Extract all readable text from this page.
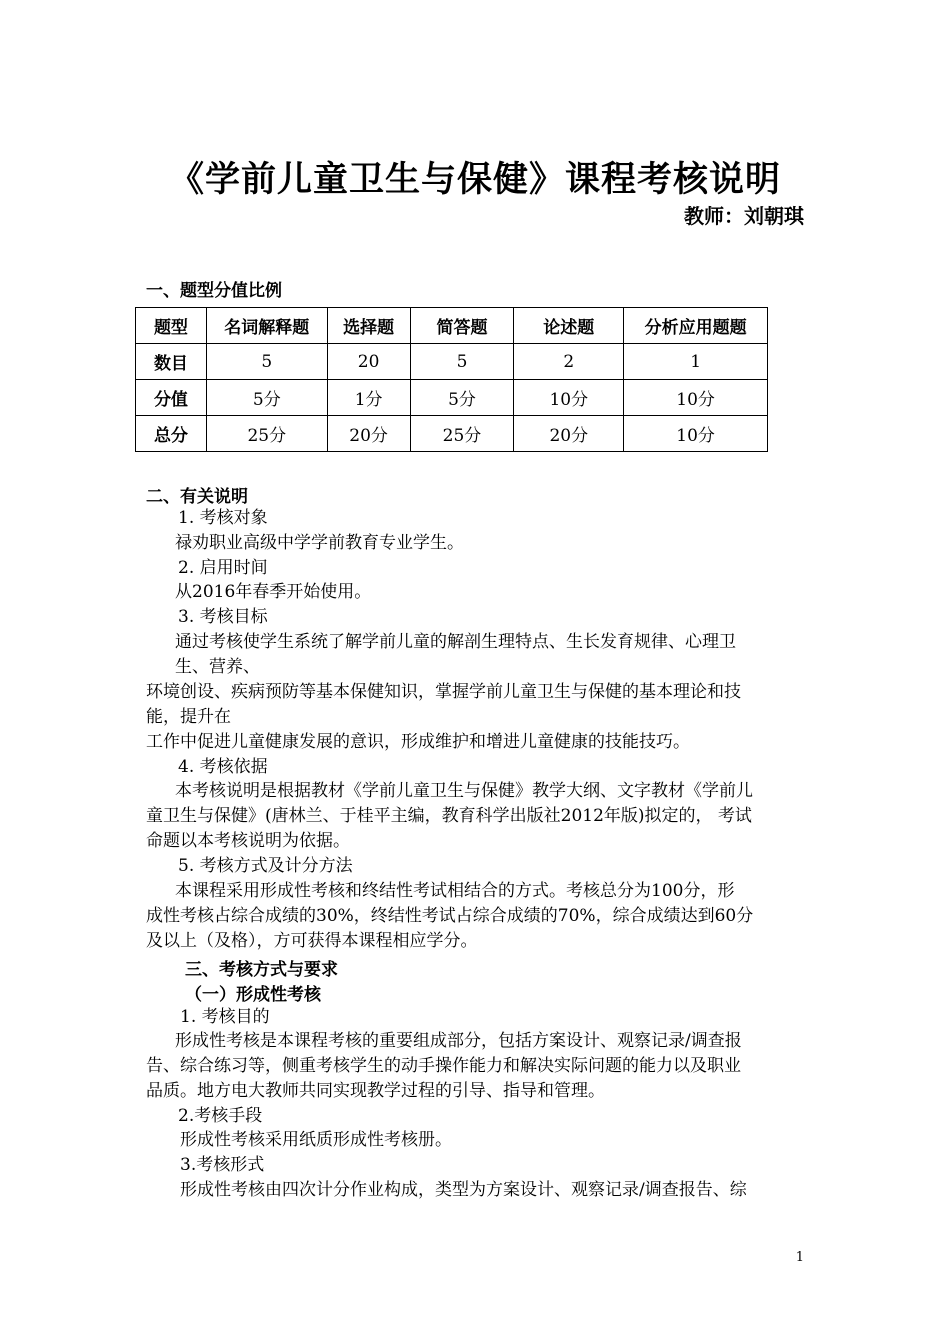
《学前儿童卫生与保健》课程考核说明
教师：刘朝琪
一、题型分值比例
题型	名词解释题	选择题	简答题	论述题	分析应用题题
数目	5	20	5	2	1
分值	5分	1分	5分	10分	10分
总分	25分	20分	25分	20分	10分
二、有关说明
1. 考核对象
禄劝职业高级中学学前教育专业学生。
2. 启用时间
从2016年春季开始使用。
3. 考核目标
通过考核使学生系统了解学前儿童的解剖生理特点、生长发育规律、心理卫
生、营养、
环境创设、疾病预防等基本保健知识，掌握学前儿童卫生与保健的基本理论和技
能，提升在
工作中促进儿童健康发展的意识，形成维护和增进儿童健康的技能技巧。
4. 考核依据
本考核说明是根据教材《学前儿童卫生与保健》教学大纲、文字教材《学前儿
童卫生与保健》(唐林兰、于桂平主编，教育科学出版社2012年版)拟定的， 考试
命题以本考核说明为依据。
5. 考核方式及计分方法
本课程采用形成性考核和终结性考试相结合的方式。考核总分为100分，形
成性考核占综合成绩的30%，终结性考试占综合成绩的70%，综合成绩达到60分
及以上（及格），方可获得本课程相应学分。
三、考核方式与要求
（一）形成性考核
1. 考核目的
形成性考核是本课程考核的重要组成部分，包括方案设计、观察记录/调查报
告、综合练习等，侧重考核学生的动手操作能力和解决实际问题的能力以及职业
品质。地方电大教师共同实现教学过程的引导、指导和管理。
2.考核手段
形成性考核采用纸质形成性考核册。
3.考核形式
形成性考核由四次计分作业构成，类型为方案设计、观察记录/调查报告、综
1
